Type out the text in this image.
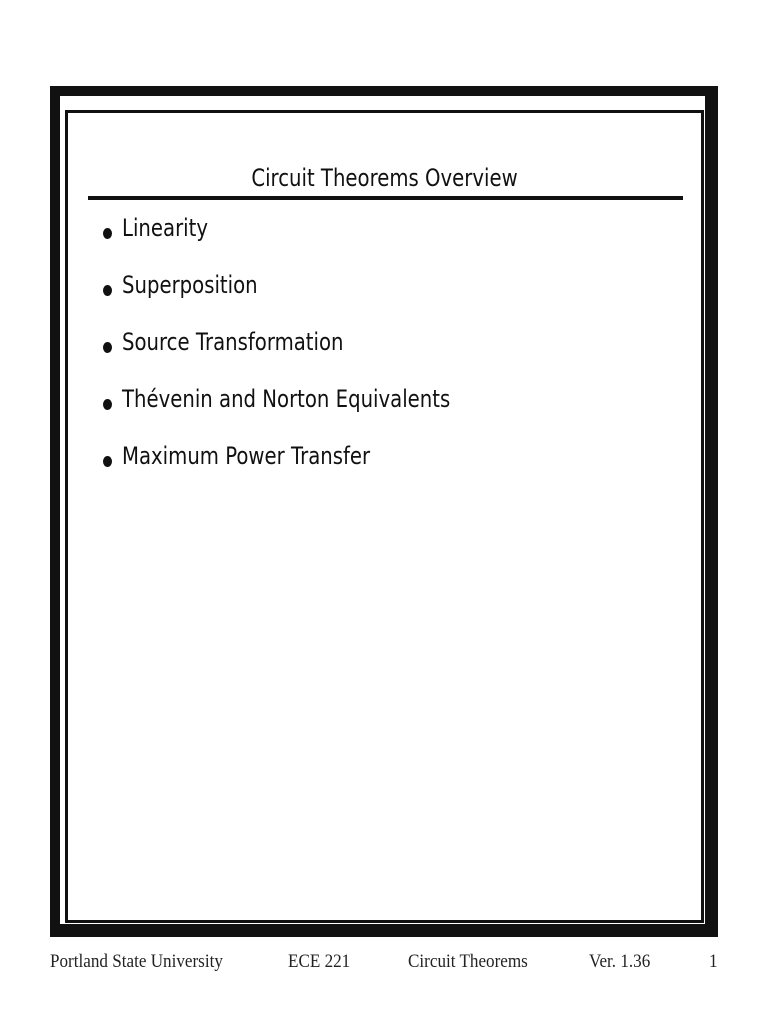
Circuit Theorems Overview
Linearity
Superposition
Source Transformation
Thévenin and Norton Equivalents
Maximum Power Transfer
Portland State University	ECE 221	Circuit Theorems	Ver. 1.36	1
